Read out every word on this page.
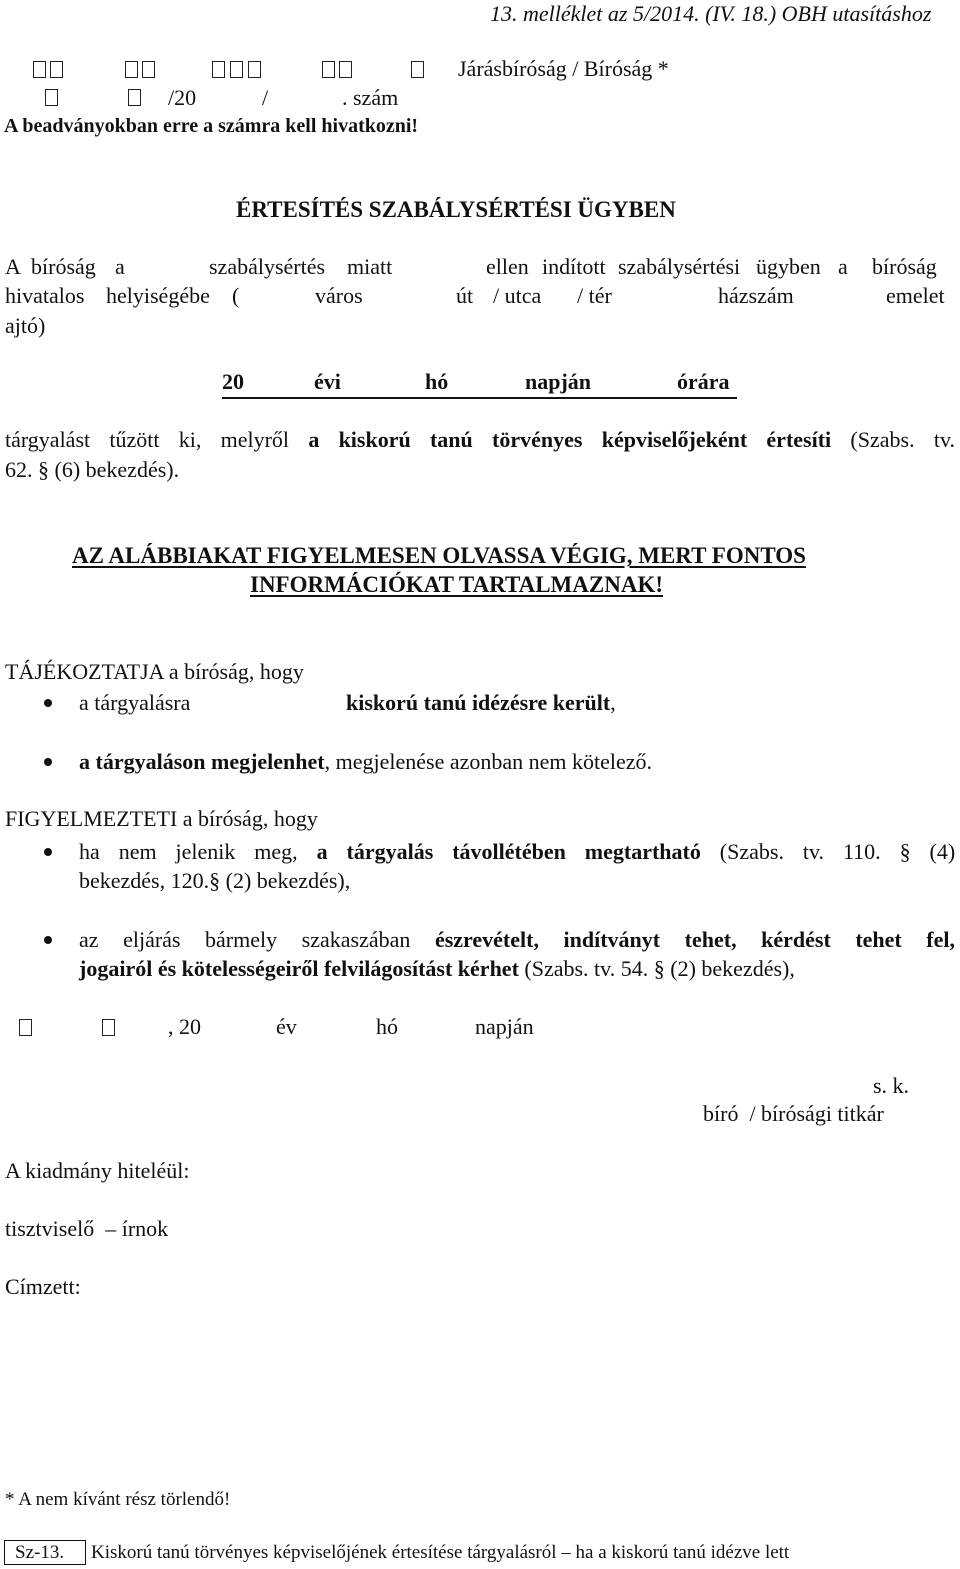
13. melléklet az 5/2014. (IV. 18.) OBH utasításhoz
Járásbíróság / Bíróság *
/20	/	. szám
A beadványokban erre a számra kell hivatkozni!
ÉRTESÍTÉS SZABÁLYSÉRTÉSI ÜGYBEN
A bíróság a	szabálysértés miatt	ellen indított szabálysértési ügyben a bíróság
hivatalos helyiségébe (	város	út / utca / tér	házszám	emelet
ajtó)
20	évi	hó	napján	órára
tárgyalást tűzött ki, melyről a kiskorú tanú törvényes képviselőjeként értesíti (Szabs. tv.
62. § (6) bekezdés).
AZ ALÁBBIAKAT FIGYELMESEN OLVASSA VÉGIG, MERT FONTOS
INFORMÁCIÓKAT TARTALMAZNAK!
TÁJÉKOZTATJA a bíróság, hogy
a tárgyalásra	kiskorú tanú idézésre került,
a tárgyaláson megjelenhet, megjelenése azonban nem kötelező.
FIGYELMEZTETI a bíróság, hogy
ha nem jelenik meg, a tárgyalás távollétében megtartható (Szabs. tv. 110. § (4)
bekezdés, 120.§ (2) bekezdés),
az eljárás bármely szakaszában észrevételt, indítványt tehet, kérdést tehet fel,
jogairól és kötelességeiről felvilágosítást kérhet (Szabs. tv. 54. § (2) bekezdés),
, 20	év	hó	napján
s. k.
bíró  / bírósági titkár
A kiadmány hiteléül:
tisztviselő  – írnok
Címzett:
* A nem kívánt rész törlendő!
Sz-13.	Kiskorú tanú törvényes képviselőjének értesítése tárgyalásról – ha a kiskorú tanú idézve lett
